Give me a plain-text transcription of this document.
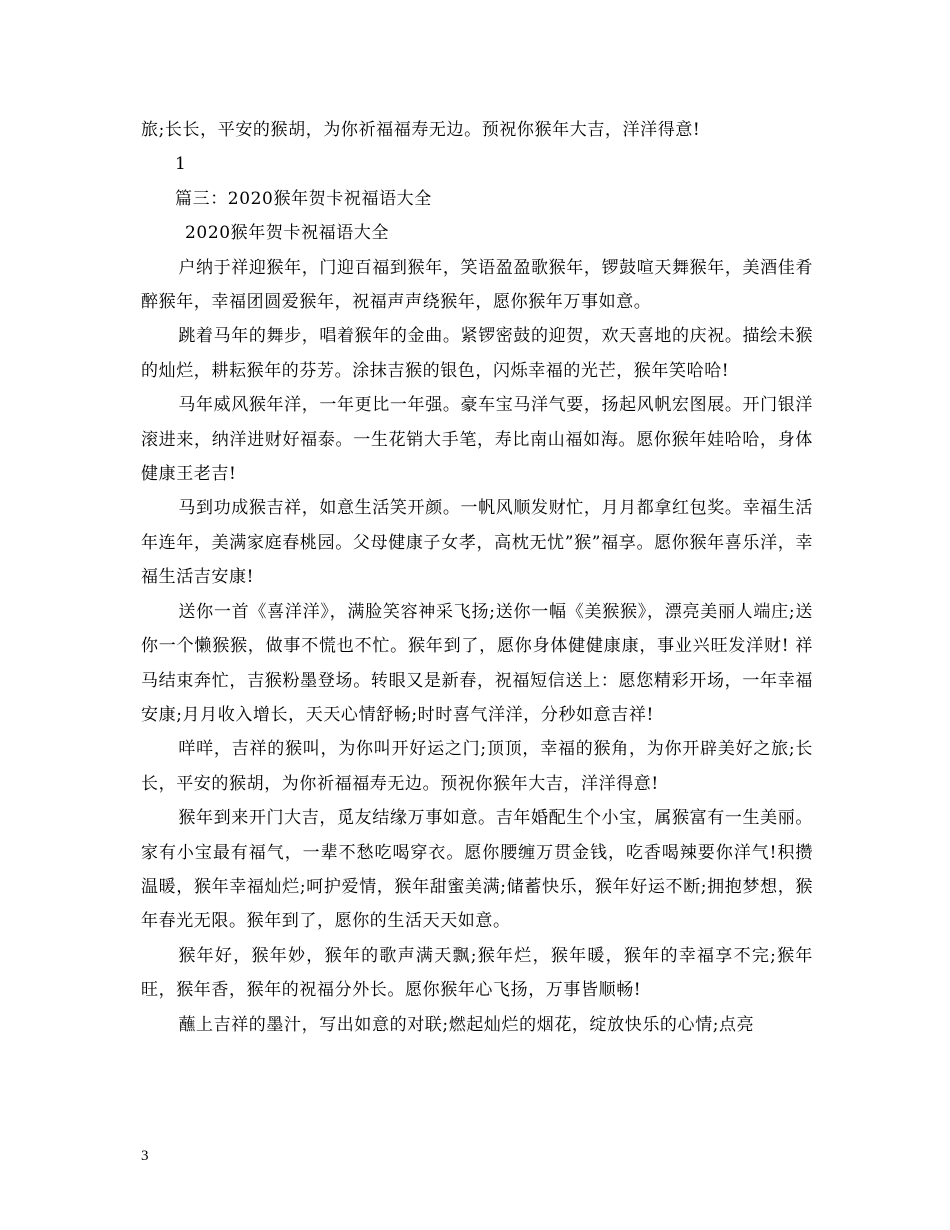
旅;长长，平安的猴胡，为你祈福福寿无边。预祝你猴年大吉，洋洋得意!

1

篇三：2020猴年贺卡祝福语大全

2020猴年贺卡祝福语大全

户纳于祥迎猴年，门迎百福到猴年，笑语盈盈歌猴年，锣鼓喧天舞猴年，美酒佳肴醉猴年，幸福团圆爱猴年，祝福声声绕猴年，愿你猴年万事如意。

跳着马年的舞步，唱着猴年的金曲。紧锣密鼓的迎贺，欢天喜地的庆祝。描绘未猴的灿烂，耕耘猴年的芬芳。涂抹吉猴的银色，闪烁幸福的光芒，猴年笑哈哈!

马年威风猴年洋，一年更比一年强。豪车宝马洋气要，扬起风帆宏图展。开门银洋滚进来，纳洋进财好福泰。一生花销大手笔，寿比南山福如海。愿你猴年娃哈哈，身体健康王老吉!

马到功成猴吉祥，如意生活笑开颜。一帆风顺发财忙，月月都拿红包奖。幸福生活年连年，美满家庭春桃园。父母健康子女孝，高枕无忧”猴”福享。愿你猴年喜乐洋，幸福生活吉安康!

送你一首《喜洋洋》，满脸笑容神采飞扬;送你一幅《美猴猴》，漂亮美丽人端庄;送你一个懒猴猴，做事不慌也不忙。猴年到了，愿你身体健健康康，事业兴旺发洋财! 祥马结束奔忙，吉猴粉墨登场。转眼又是新春，祝福短信送上：愿您精彩开场，一年幸福安康;月月收入增长，天天心情舒畅;时时喜气洋洋，分秒如意吉祥!

咩咩，吉祥的猴叫，为你叫开好运之门;顶顶，幸福的猴角，为你开辟美好之旅;长长，平安的猴胡，为你祈福福寿无边。预祝你猴年大吉，洋洋得意!

猴年到来开门大吉，觅友结缘万事如意。吉年婚配生个小宝，属猴富有一生美丽。家有小宝最有福气，一辈不愁吃喝穿衣。愿你腰缠万贯金钱，吃香喝辣要你洋气!积攒温暖，猴年幸福灿烂;呵护爱情，猴年甜蜜美满;储蓄快乐，猴年好运不断;拥抱梦想，猴年春光无限。猴年到了，愿你的生活天天如意。

猴年好，猴年妙，猴年的歌声满天飘;猴年烂，猴年暖，猴年的幸福享不完;猴年旺，猴年香，猴年的祝福分外长。愿你猴年心飞扬，万事皆顺畅!

蘸上吉祥的墨汁，写出如意的对联;燃起灿烂的烟花，绽放快乐的心情;点亮

3
